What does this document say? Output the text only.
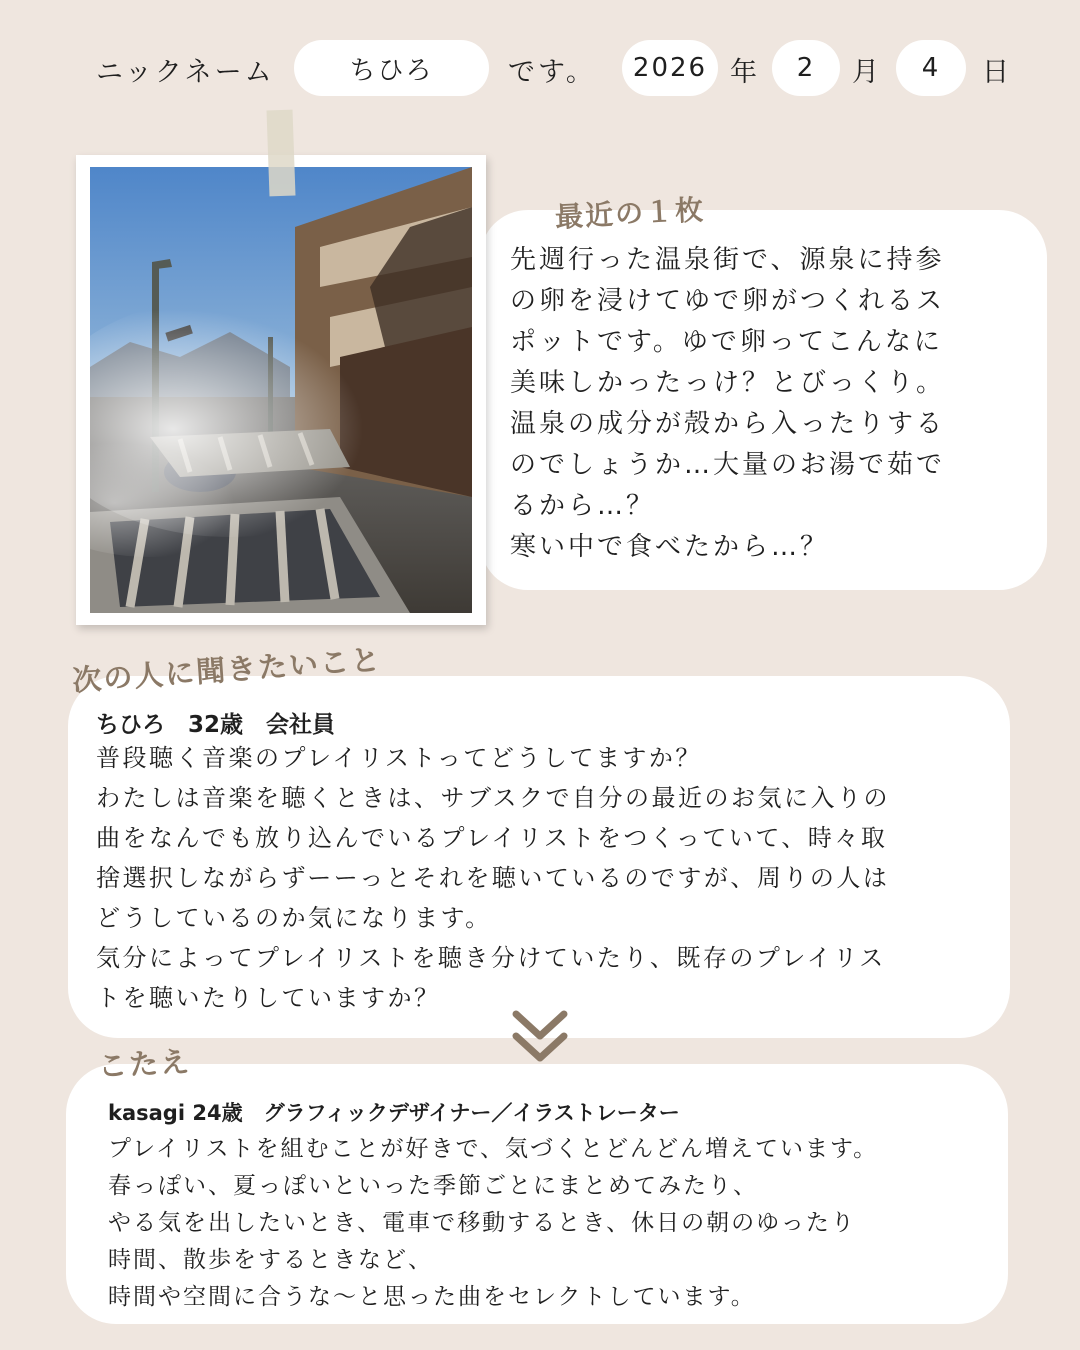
ニックネーム	ちひろ	です。	2026 年	2	月	4	日
最近の１枚
先週行った温泉街で、源泉に持参
の卵を浸けてゆで卵がつくれるス
ポットです。ゆで卵ってこんなに
美味しかったっけ？とびっくり。
温泉の成分が殻から入ったりする
のでしょうか…大量のお湯で茹で
るから…？
寒い中で食べたから…？
次の人に聞きたいこと
ちひろ　32歳　会社員
普段聴く音楽のプレイリストってどうしてますか？
わたしは音楽を聴くときは、サブスクで自分の最近のお気に入りの
曲をなんでも放り込んでいるプレイリストをつくっていて、時々取
捨選択しながらずーーっとそれを聴いているのですが、周りの人は
どうしているのか気になります。
気分によってプレイリストを聴き分けていたり、既存のプレイリス
トを聴いたりしていますか？
こたえ
kasagi 24歳　グラフィックデザイナー／イラストレーター
プレイリストを組むことが好きで、気づくとどんどん増えています。
春っぽい、夏っぽいといった季節ごとにまとめてみたり、
やる気を出したいとき、電車で移動するとき、休日の朝のゆったり
時間、散歩をするときなど、
時間や空間に合うな～と思った曲をセレクトしています。
